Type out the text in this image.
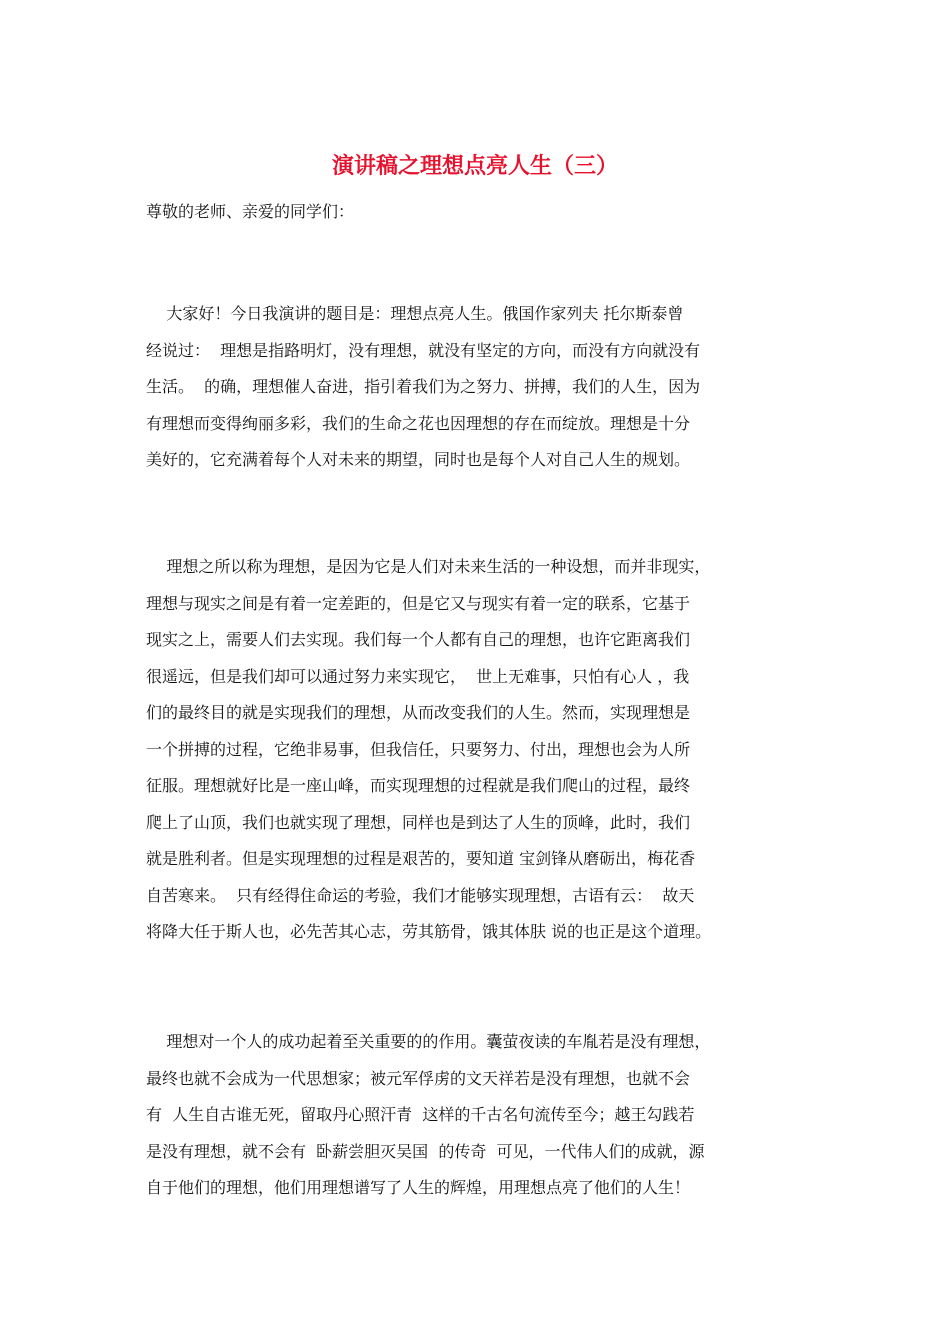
演讲稿之理想点亮人生（三）

尊敬的老师、亲爱的同学们：

大家好！今日我演讲的题目是：理想点亮人生。俄国作家列夫 托尔斯泰曾
经说过：  理想是指路明灯，没有理想，就没有坚定的方向，而没有方向就没有
生活。  的确，理想催人奋进，指引着我们为之努力、拼搏，我们的人生，因为
有理想而变得绚丽多彩，我们的生命之花也因理想的存在而绽放。理想是十分
美好的，它充满着每个人对未来的期望，同时也是每个人对自己人生的规划。
理想之所以称为理想，是因为它是人们对未来生活的一种设想，而并非现实，
理想与现实之间是有着一定差距的，但是它又与现实有着一定的联系，它基于
现实之上，需要人们去实现。我们每一个人都有自己的理想，也许它距离我们
很遥远，但是我们却可以通过努力来实现它，  世上无难事，只怕有心人 ，我
们的最终目的就是实现我们的理想，从而改变我们的人生。然而，实现理想是
一个拼搏的过程，它绝非易事，但我信任，只要努力、付出，理想也会为人所
征服。理想就好比是一座山峰，而实现理想的过程就是我们爬山的过程，最终
爬上了山顶，我们也就实现了理想，同样也是到达了人生的顶峰，此时，我们
就是胜利者。但是实现理想的过程是艰苦的，要知道 宝剑锋从磨砺出，梅花香
自苦寒来。  只有经得住命运的考验，我们才能够实现理想，古语有云：  故天
将降大任于斯人也，必先苦其心志，劳其筋骨，饿其体肤 说的也正是这个道理。
理想对一个人的成功起着至关重要的的作用。囊萤夜读的车胤若是没有理想，
最终也就不会成为一代思想家；被元军俘虏的文天祥若是没有理想，也就不会
有  人生自古谁无死，留取丹心照汗青  这样的千古名句流传至今；越王勾践若
是没有理想，就不会有  卧薪尝胆灭吴国  的传奇  可见，一代伟人们的成就，源
自于他们的理想，他们用理想谱写了人生的辉煌，用理想点亮了他们的人生！
